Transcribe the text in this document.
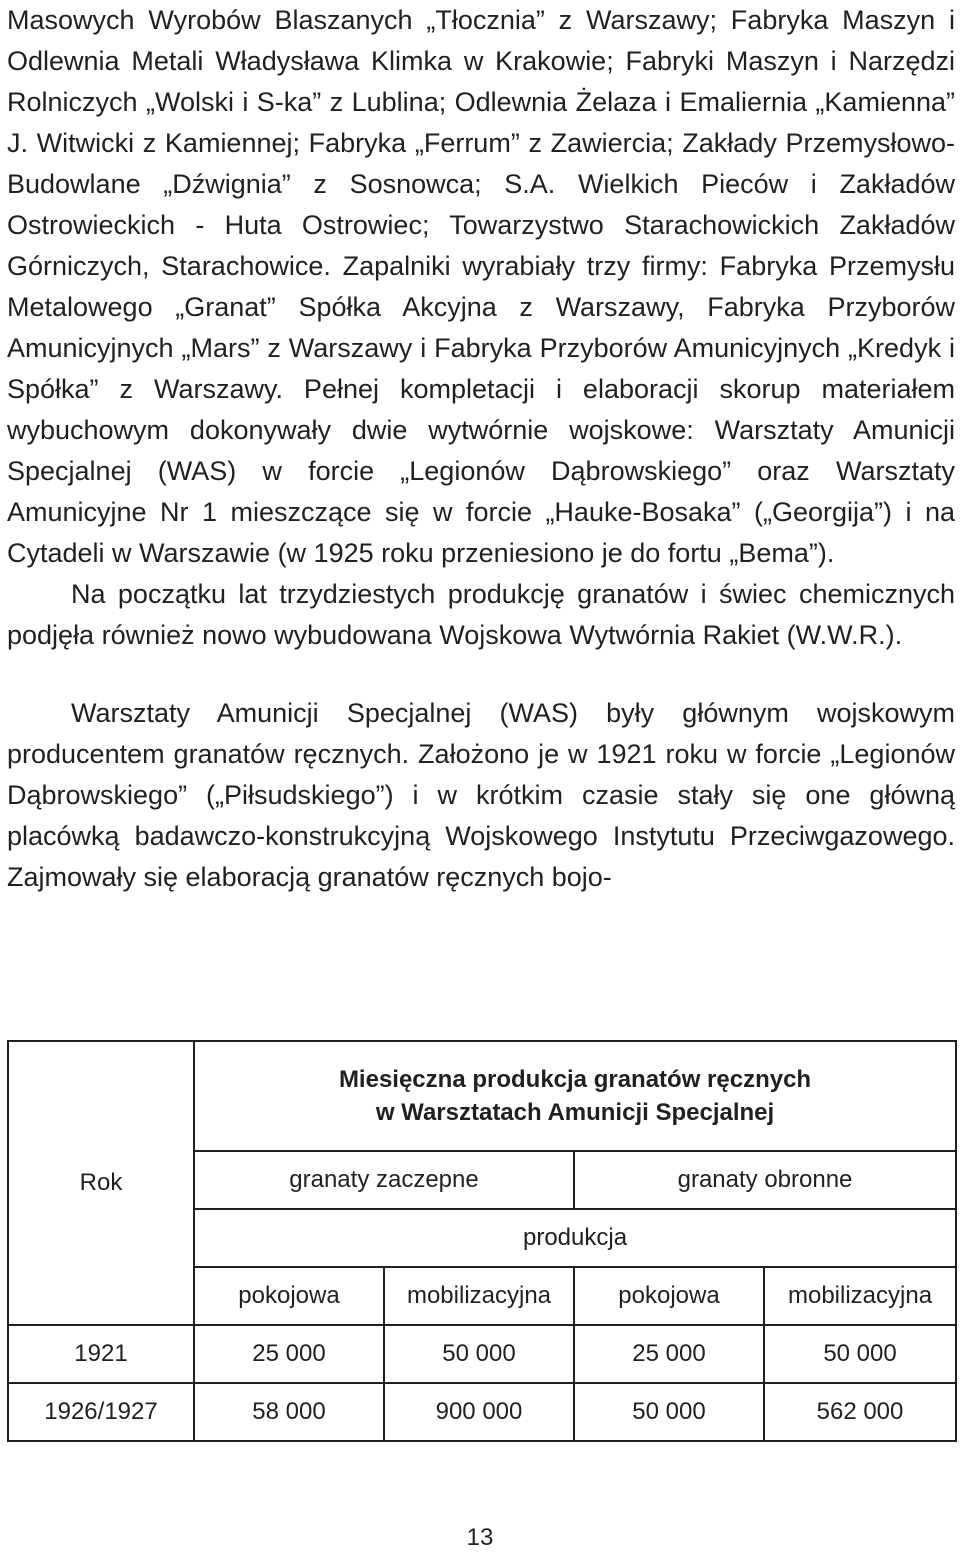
Masowych Wyrobów Blaszanych „Tłocznia” z Warszawy; Fabryka Maszyn i Odlewnia Metali Władysława Klimka w Krakowie; Fabryki Maszyn i Narzędzi Rolniczych „Wolski i S-ka” z Lublina; Odlewnia Żelaza i Emaliernia „Kamienna” J. Witwicki z Kamiennej; Fabryka „Ferrum” z Zawiercia; Zakłady Przemysłowo-Budowlane „Dźwignia” z Sosnowca; S.A. Wielkich Pieców i Zakładów Ostrowieckich - Huta Ostrowiec; Towarzystwo Starachowickich Zakładów Górniczych, Starachowice. Zapalniki wyrabiały trzy firmy: Fabryka Przemysłu Metalowego „Granat” Spółka Akcyjna z Warszawy, Fabryka Przyborów Amunicyjnych „Mars” z Warszawy i Fabryka Przyborów Amunicyjnych „Kredyk i Spółka” z Warszawy. Pełnej kompletacji i elaboracji skorup materiałem wybuchowym dokonywały dwie wytwórnie wojskowe: Warsztaty Amunicji Specjalnej (WAS) w forcie „Legionów Dąbrowskiego” oraz Warsztaty Amunicyjne Nr 1 mieszczące się w forcie „Hauke-Bosaka” („Georgija”) i na Cytadeli w Warszawie (w 1925 roku przeniesiono je do fortu „Bema”).

Na początku lat trzydziestych produkcję granatów i świec chemicznych podjęła również nowo wybudowana Wojskowa Wytwórnia Rakiet (W.W.R.).

Warsztaty Amunicji Specjalnej (WAS) były głównym wojskowym producentem granatów ręcznych. Założono je w 1921 roku w forcie „Legionów Dąbrowskiego” („Piłsudskiego”) i w krótkim czasie stały się one główną placówką badawczo-konstrukcyjną Wojskowego Instytutu Przeciwgazowego. Zajmowały się elaboracją granatów ręcznych bojo-

Rok	Miesięczna produkcja granatów ręcznych
w Warsztatach Amunicji Specjalnej			

	granaty zaczepne		granaty obronne	
	produkcja			
	pokojowa	mobilizacyjna	pokojowa	mobilizacyjna
1921	25 000	50 000	25 000	50 000
1926/1927	58 000	900 000	50 000	562 000
13
